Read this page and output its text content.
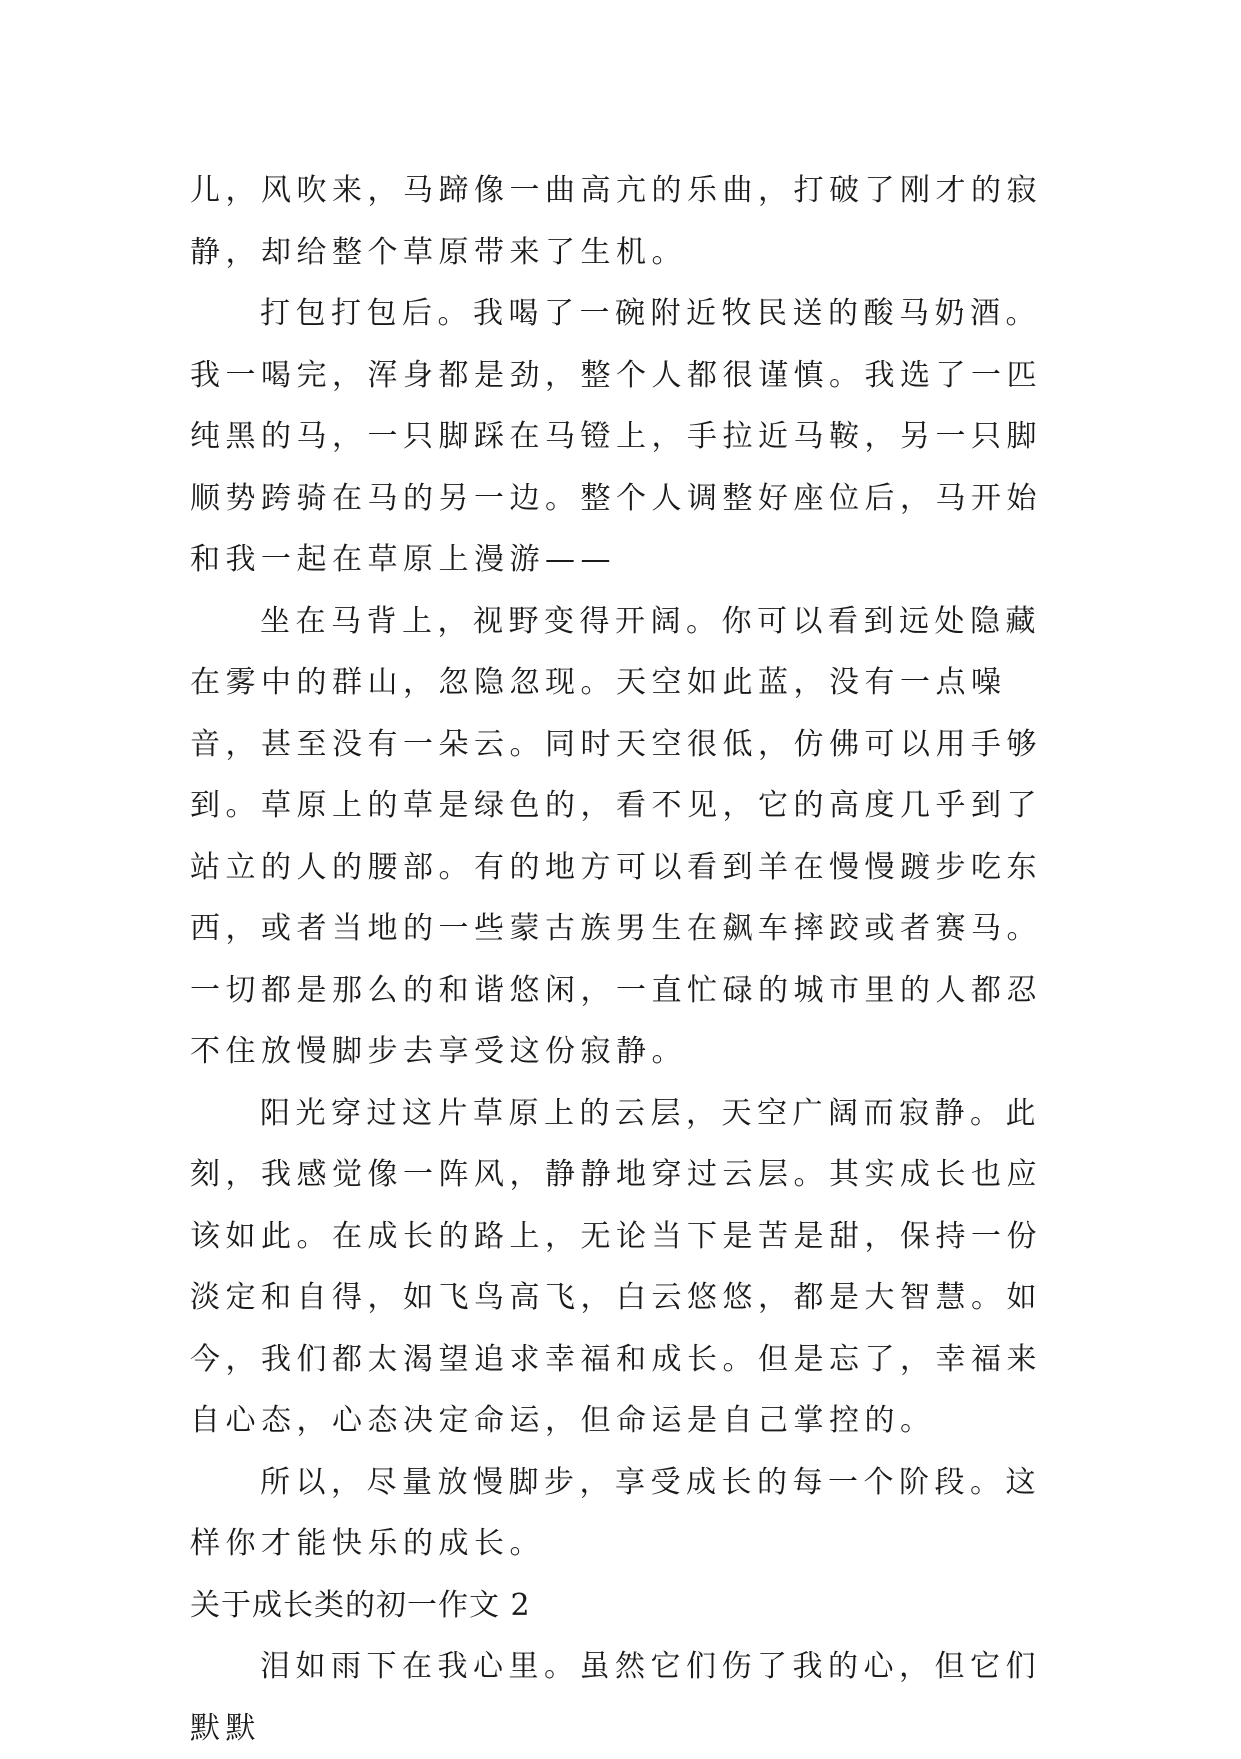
儿，风吹来，马蹄像一曲高亢的乐曲，打破了刚才的寂静，却给整个草原带来了生机。

打包打包后。我喝了一碗附近牧民送的酸马奶酒。我一喝完，浑身都是劲，整个人都很谨慎。我选了一匹纯黑的马，一只脚踩在马镫上，手拉近马鞍，另一只脚顺势跨骑在马的另一边。整个人调整好座位后，马开始和我一起在草原上漫游——

坐在马背上，视野变得开阔。你可以看到远处隐藏在雾中的群山，忽隐忽现。天空如此蓝，没有一点噪音，甚至没有一朵云。同时天空很低，仿佛可以用手够到。草原上的草是绿色的，看不见，它的高度几乎到了站立的人的腰部。有的地方可以看到羊在慢慢踱步吃东西，或者当地的一些蒙古族男生在飙车摔跤或者赛马。一切都是那么的和谐悠闲，一直忙碌的城市里的人都忍不住放慢脚步去享受这份寂静。

阳光穿过这片草原上的云层，天空广阔而寂静。此刻，我感觉像一阵风，静静地穿过云层。其实成长也应该如此。在成长的路上，无论当下是苦是甜，保持一份淡定和自得，如飞鸟高飞，白云悠悠，都是大智慧。如今，我们都太渴望追求幸福和成长。但是忘了，幸福来自心态，心态决定命运，但命运是自己掌控的。

所以，尽量放慢脚步，享受成长的每一个阶段。这样你才能快乐的成长。

关于成长类的初一作文 2

泪如雨下在我心里。虽然它们伤了我的心，但它们默默
